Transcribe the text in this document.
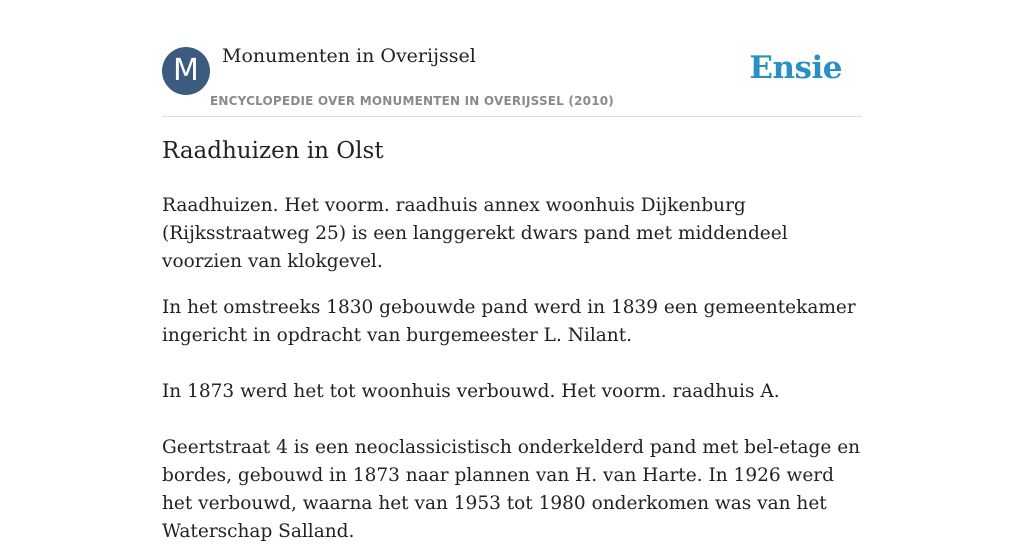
M	Monumenten in Overijssel
ENCYCLOPEDIE OVER MONUMENTEN IN OVERIJSSEL (2010)
Ensie
Raadhuizen in Olst

Raadhuizen. Het voorm. raadhuis annex woonhuis Dijkenburg (Rijksstraatweg 25) is een langgerekt dwars pand met middendeel voorzien van klokgevel.

In het omstreeks 1830 gebouwde pand werd in 1839 een gemeentekamer ingericht in opdracht van burgemeester L. Nilant.

In 1873 werd het tot woonhuis verbouwd. Het voorm. raadhuis A.

Geertstraat 4 is een neoclassicistisch onderkelderd pand met bel-etage en bordes, gebouwd in 1873 naar plannen van H. van Harte. In 1926 werd het verbouwd, waarna het van 1953 tot 1980 onderkomen was van het Waterschap Salland.
